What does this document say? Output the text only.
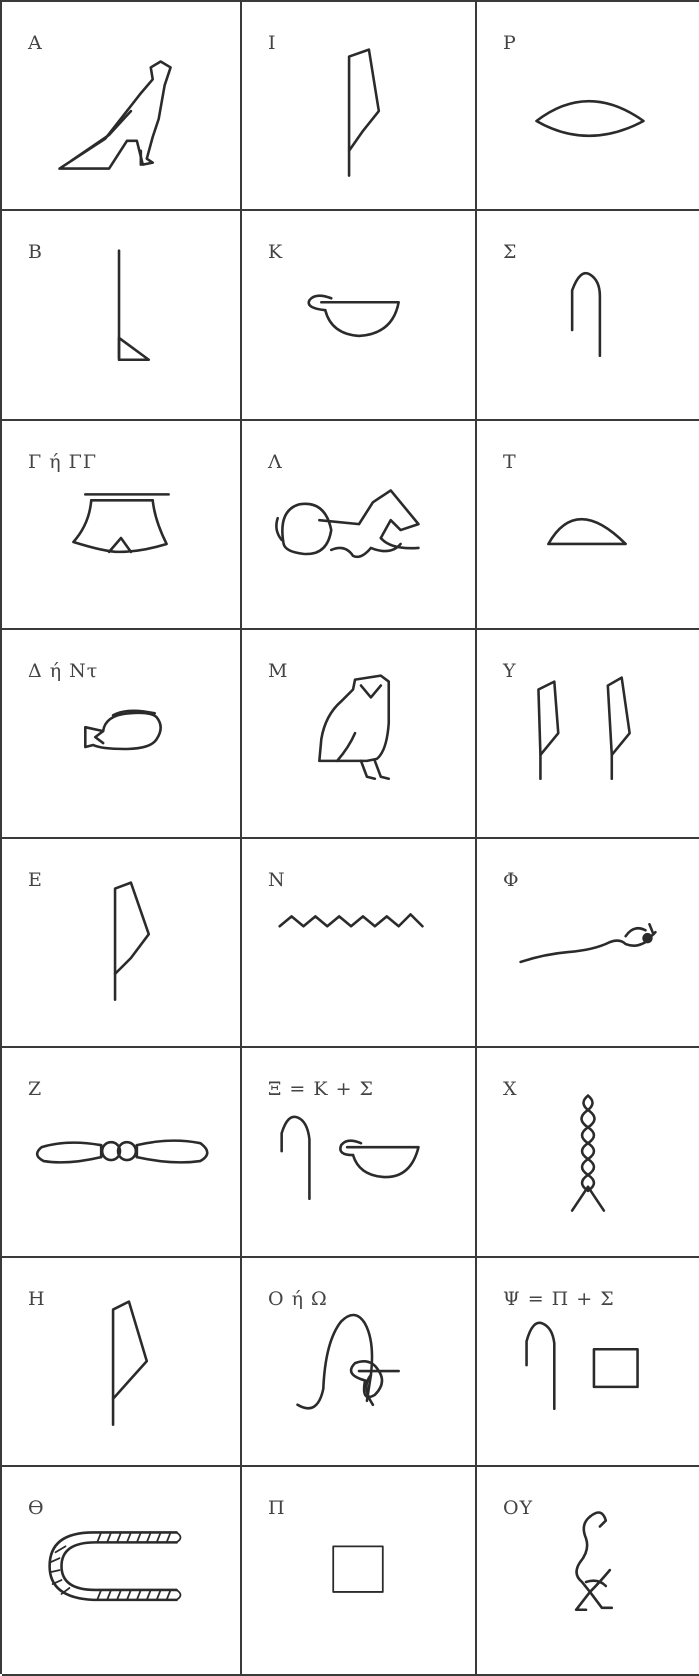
A	Ι	Ρ
Β	Κ	Σ
Γ ή ΓΓ	Λ	Τ
Δ ή Ντ	Μ	Υ
Ε	Ν	Φ
Ζ	Ξ = Κ + Σ	Χ
Η	Ο ή Ω	Ψ = Π + Σ
ϴ	Π	ΟΥ
